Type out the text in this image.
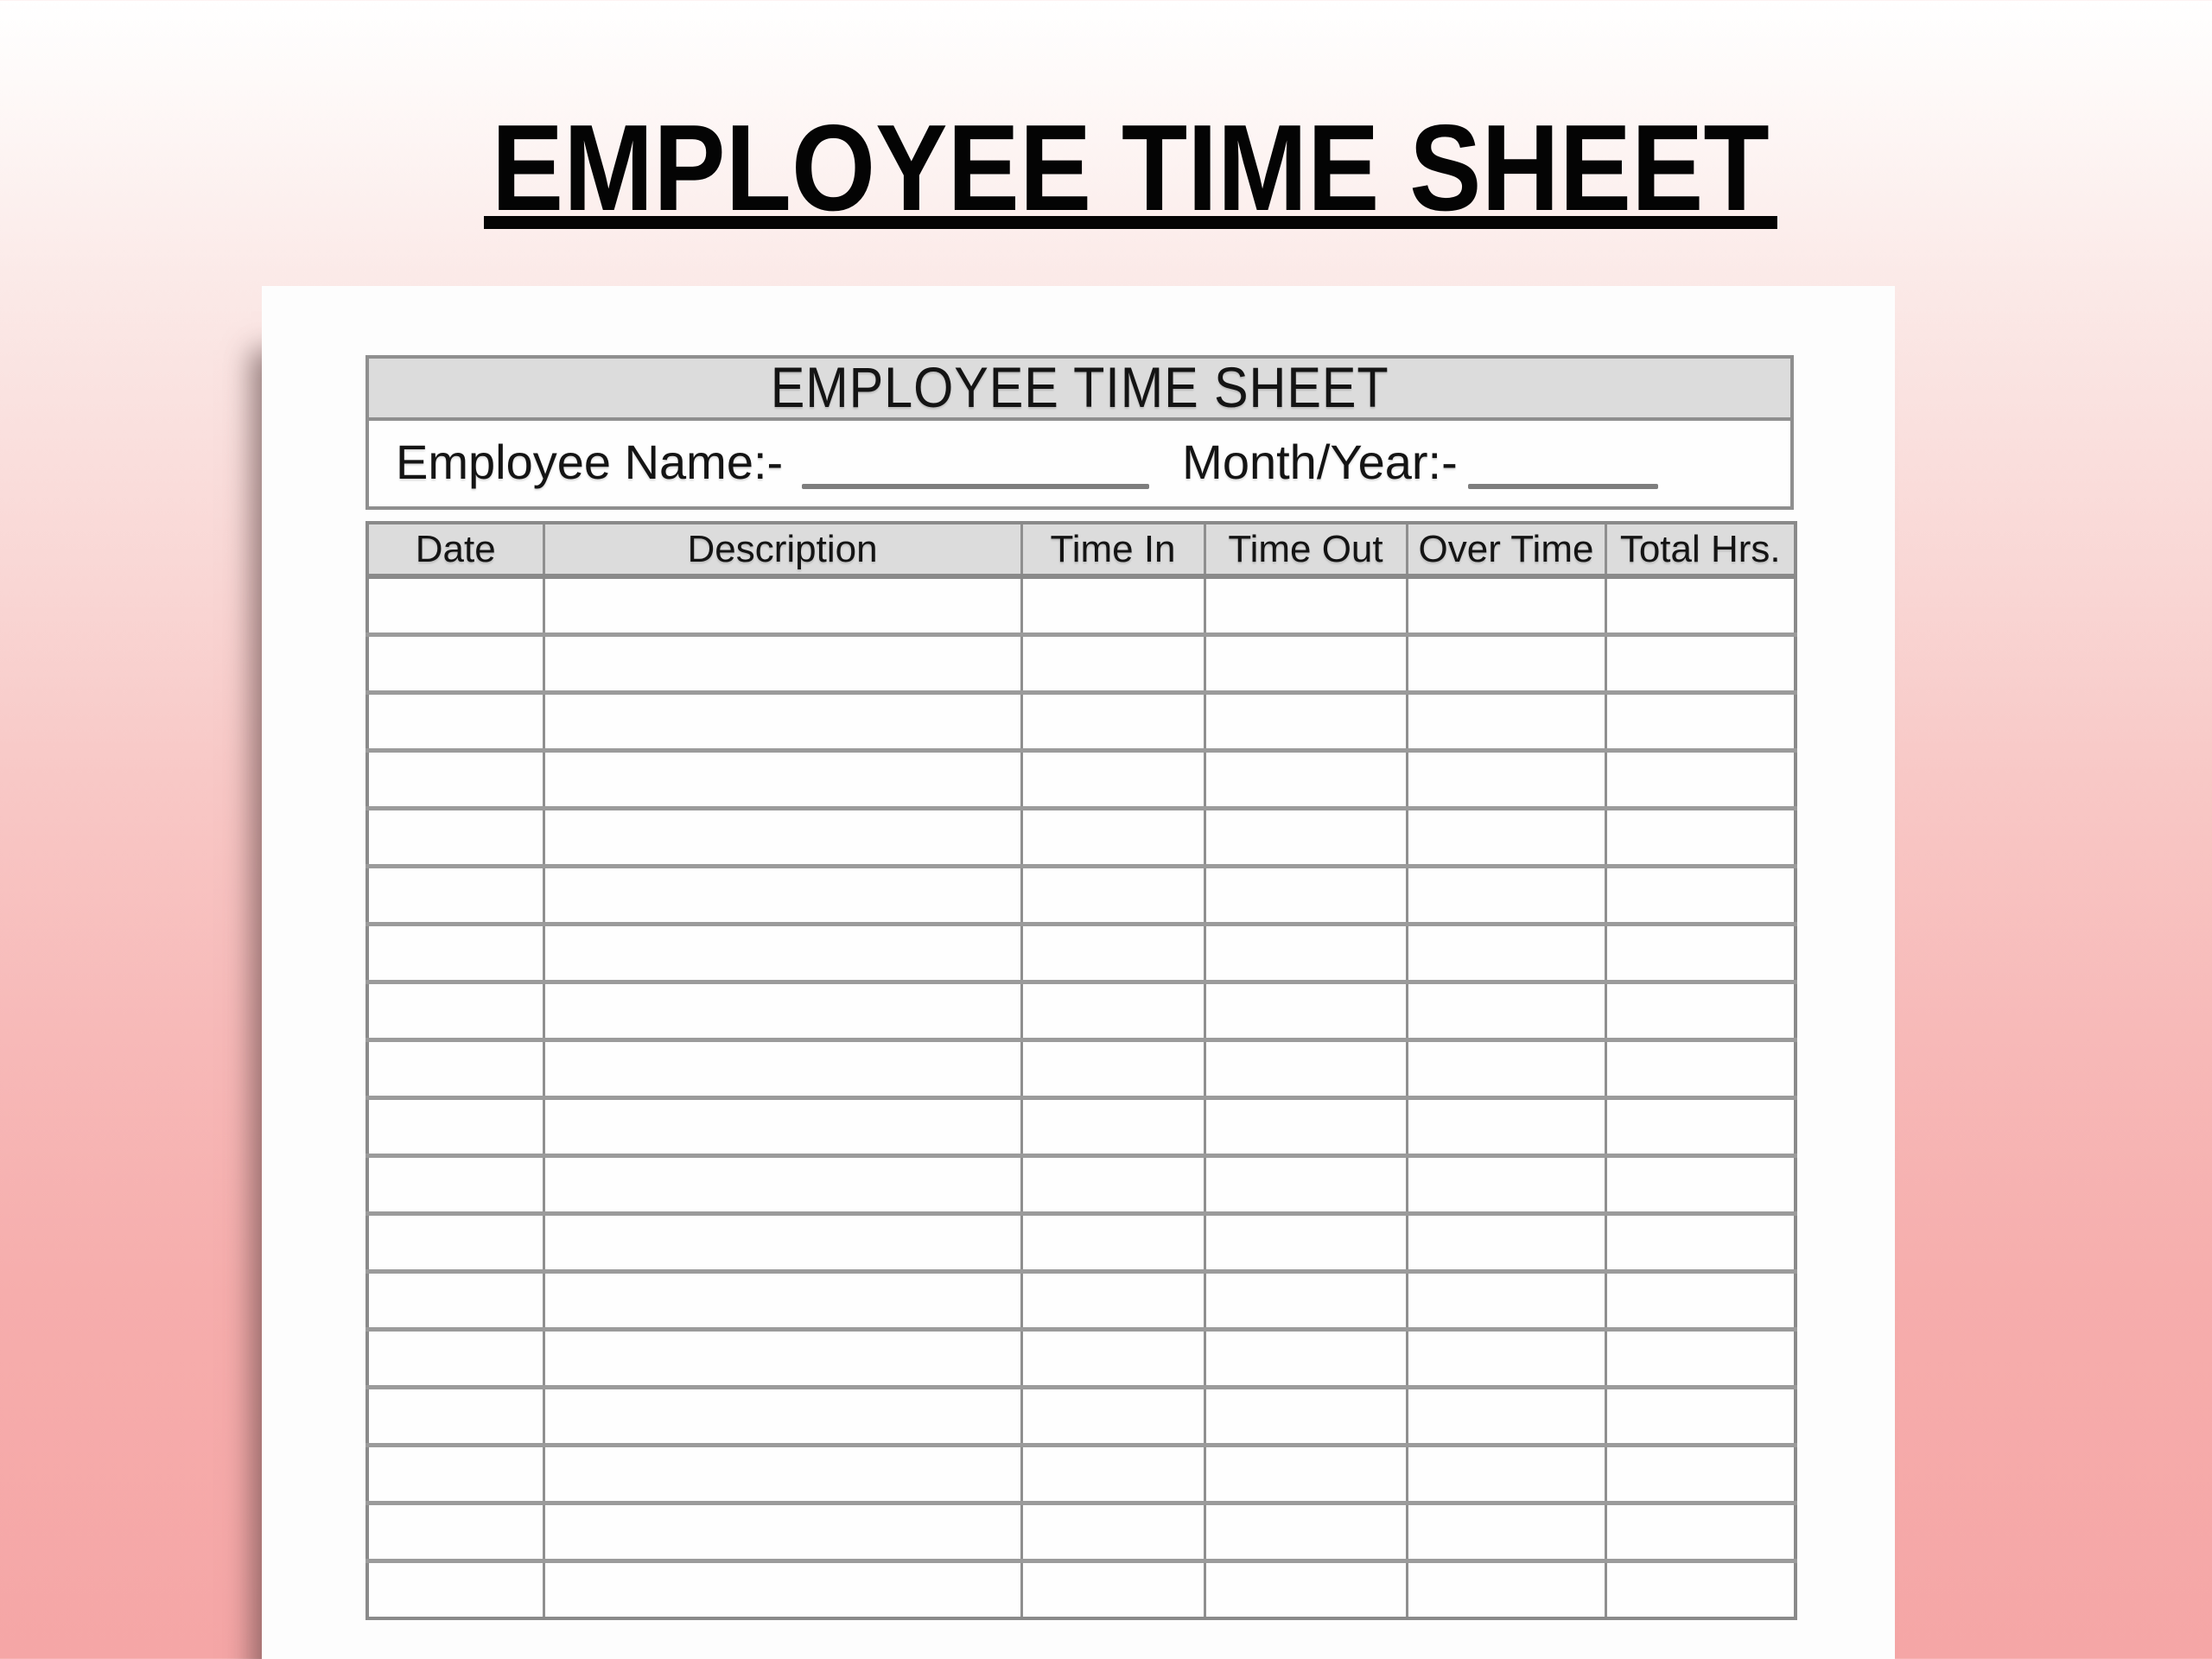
EMPLOYEE TIME SHEET
EMPLOYEE TIME SHEET
Employee Name:-	Month/Year:-
Date	Description	Time In	Time Out	Over Time	Total Hrs.
